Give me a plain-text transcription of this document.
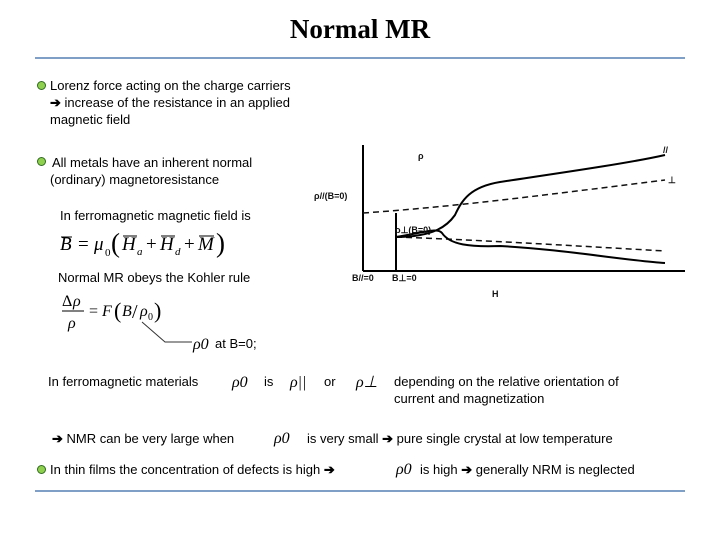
Normal MR
Lorenz force acting on the charge carriers
➔ increase of the resistance in an applied
magnetic field
All metals have an inherent normal
(ordinary) magnetoresistance
In ferromagnetic magnetic field is
B = μ 0 ( H a + H d + M )
Normal MR obeys the Kohler rule
Δ ρ
ρ
= F ( B / ρ 0 )
ρ0 at B=0;
In ferromagnetic materials ρ0 is ρ|| or ρ⊥ depending on the relative orientation of
current and magnetization
➔ NMR can be very large when ρ0 is very small ➔ pure single crystal at low temperature
In thin films the concentration of defects is high ➔	ρ0 is high ➔ generally NRM is neglected
ρ
H
//
⊥
ρ//(B=0)
ρ⊥(B=0)
B//=0 B⊥=0
